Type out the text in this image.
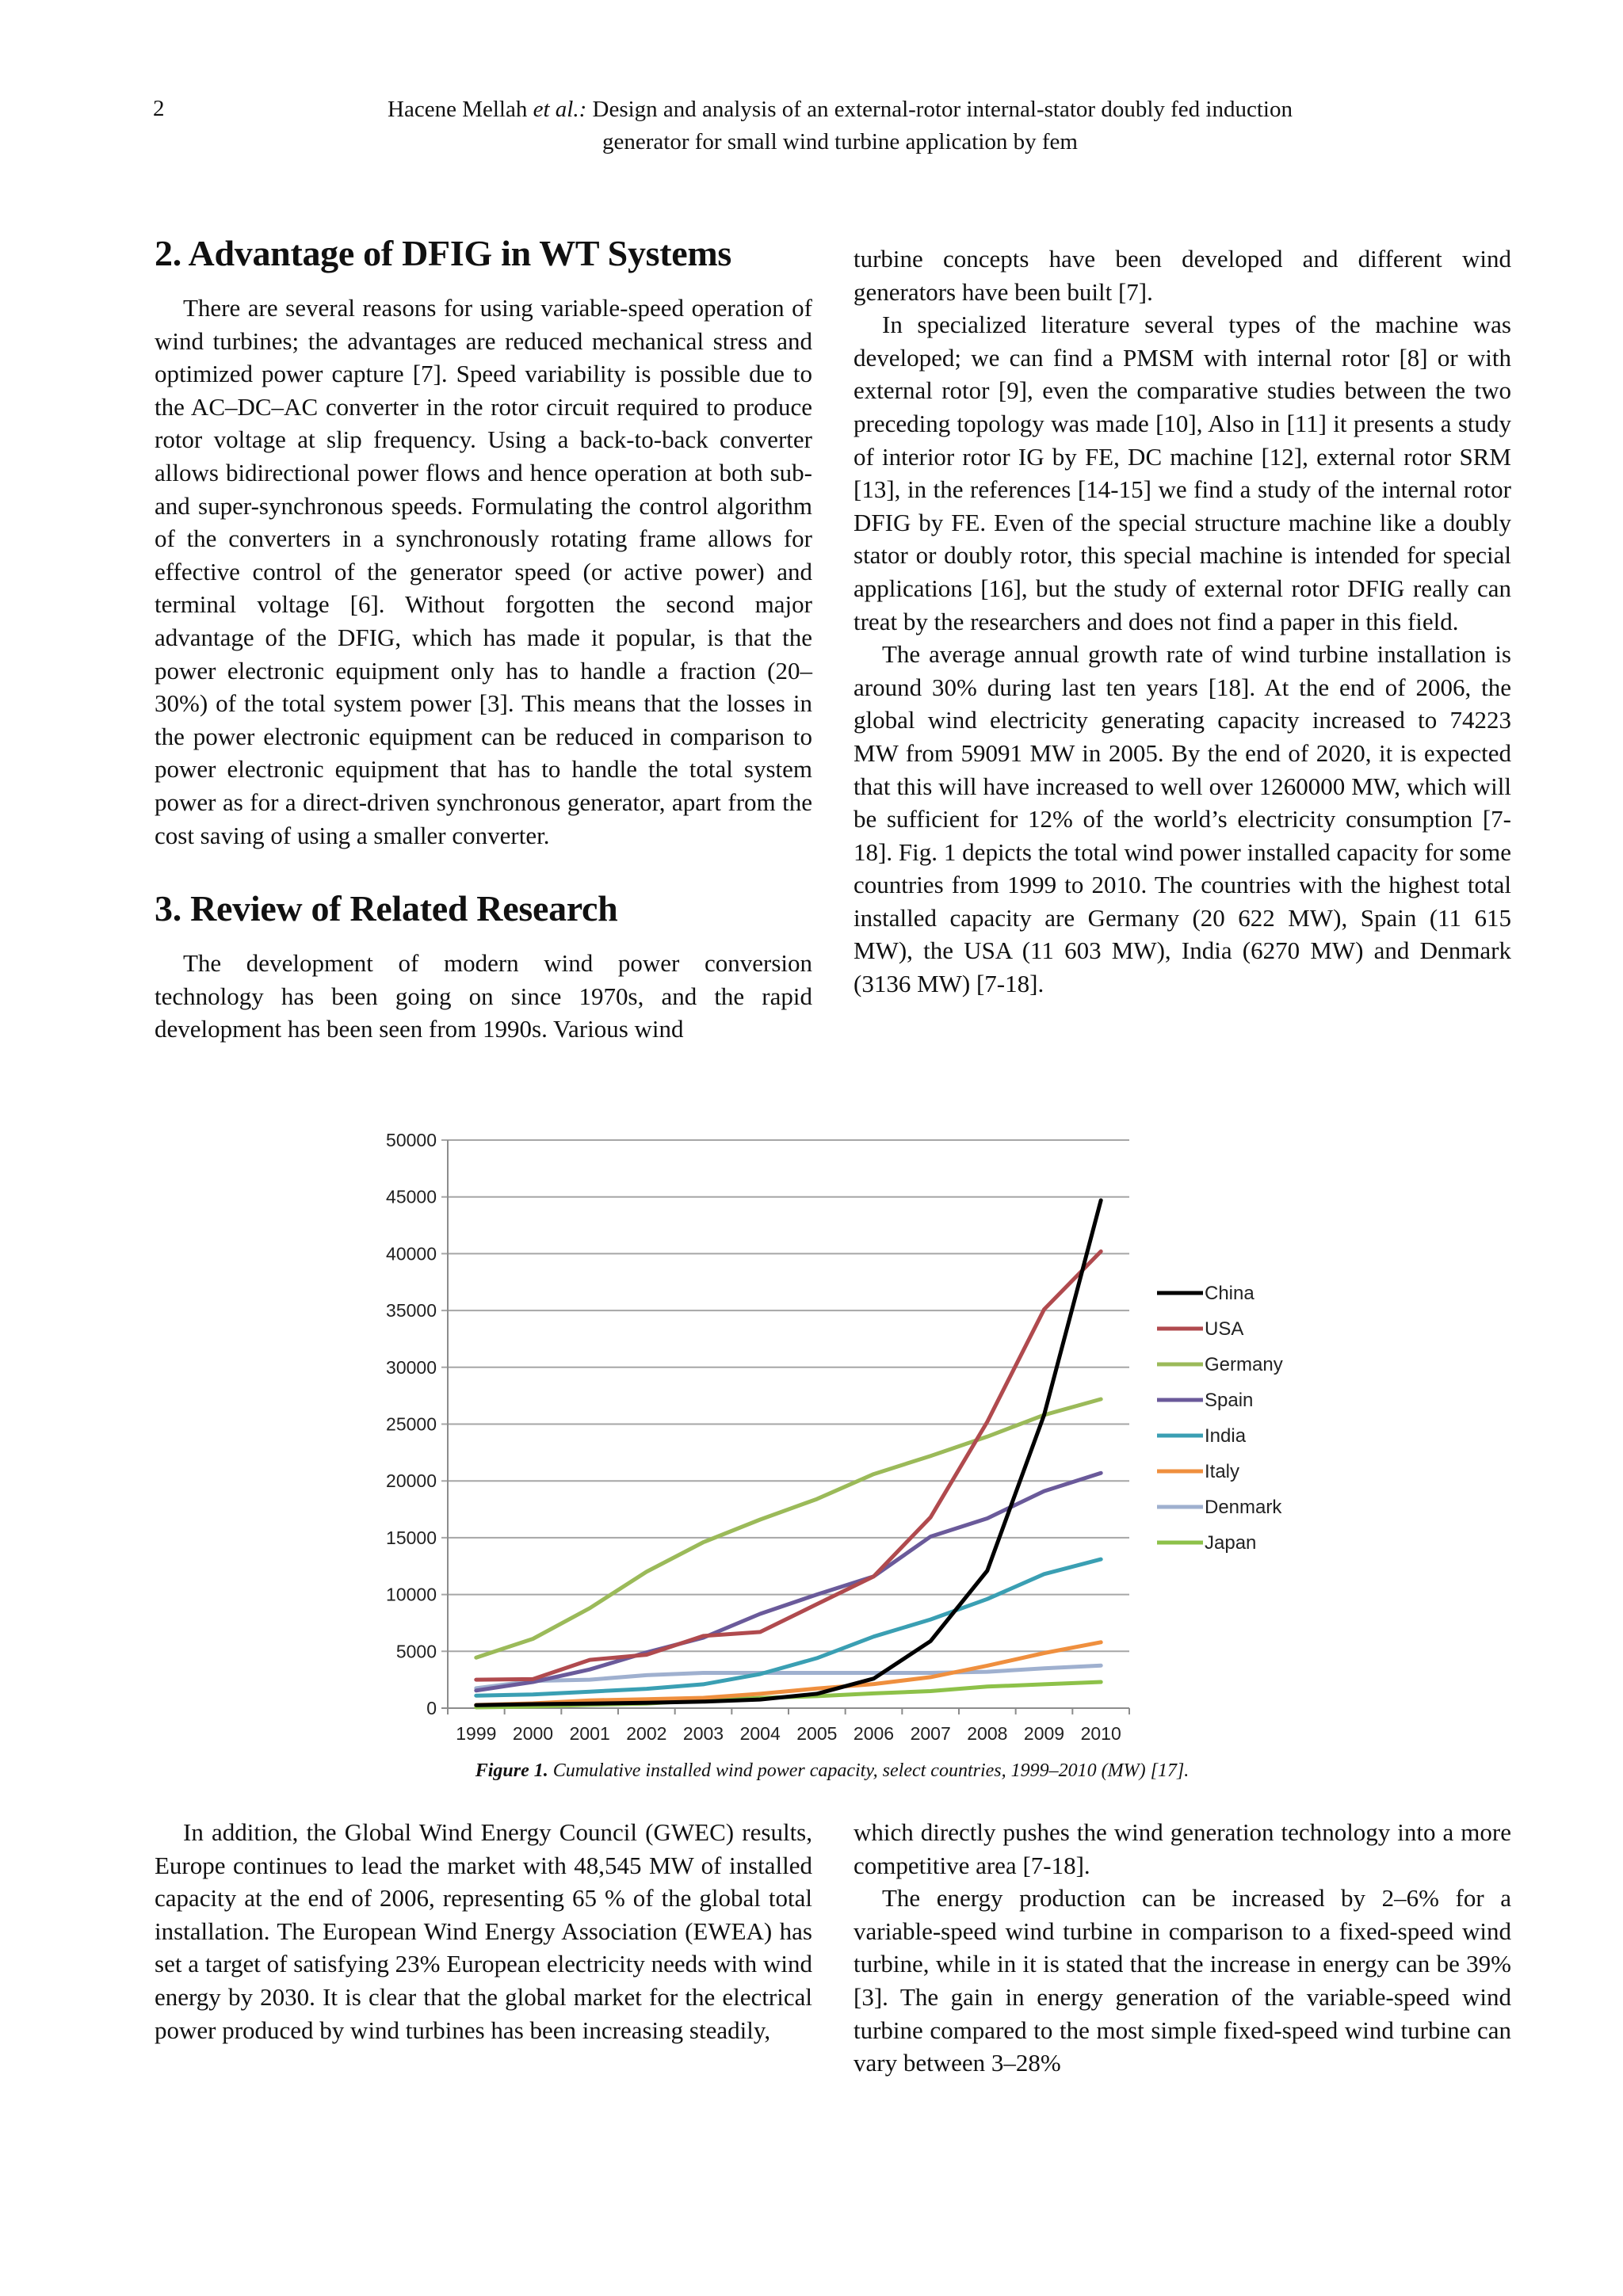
2	Hacene Mellah et al.: Design and analysis of an external-rotor internal-stator doubly fed induction
generator for small wind turbine application by fem
2. Advantage of DFIG in WT Systems

There are several reasons for using variable-speed operation of wind turbines; the advantages are reduced mechanical stress and optimized power capture [7]. Speed variability is possible due to the AC–DC–AC converter in the rotor circuit required to produce rotor voltage at slip frequency. Using a back-to-back converter allows bidirectional power flows and hence operation at both sub- and super-synchronous speeds. Formulating the control algorithm of the converters in a synchronously rotating frame allows for effective control of the generator speed (or active power) and terminal voltage [6]. Without forgotten the second major advantage of the DFIG, which has made it popular, is that the power electronic equipment only has to handle a fraction (20–30%) of the total system power [3]. This means that the losses in the power electronic equipment can be reduced in comparison to power electronic equipment that has to handle the total system power as for a direct-driven synchronous generator, apart from the cost saving of using a smaller converter.

3. Review of Related Research

The development of modern wind power conversion technology has been going on since 1970s, and the rapid development has been seen from 1990s. Various wind

turbine concepts have been developed and different wind generators have been built [7].

In specialized literature several types of the machine was developed; we can find a PMSM with internal rotor [8] or with external rotor [9], even the comparative studies between the two preceding topology was made [10], Also in [11] it presents a study of interior rotor IG by FE, DC machine [12], external rotor SRM [13], in the references [14-15] we find a study of the internal rotor DFIG by FE. Even of the special structure machine like a doubly stator or doubly rotor, this special machine is intended for special applications [16], but the study of external rotor DFIG really can treat by the researchers and does not find a paper in this field.

The average annual growth rate of wind turbine installation is around 30% during last ten years [18]. At the end of 2006, the global wind electricity generating capacity increased to 74223 MW from 59091 MW in 2005. By the end of 2020, it is expected that this will have increased to well over 1260000 MW, which will be sufficient for 12% of the world’s electricity consumption [7-18]. Fig. 1 depicts the total wind power installed capacity for some countries from 1999 to 2010. The countries with the highest total installed capacity are Germany (20 622 MW), Spain (11 615 MW), the USA (11 603 MW), India (6270 MW) and Denmark (3136 MW) [7-18].

0
5000
10000
15000
20000
25000
30000
35000
40000
45000
50000
1999 2000 2001 2002 2003 2004 2005 2006 2007 2008 2009 2010
China
USA
Germany
Spain
India
Italy
Denmark
Japan
Figure 1. Cumulative installed wind power capacity, select countries, 1999–2010 (MW) [17].

In addition, the Global Wind Energy Council (GWEC) results, Europe continues to lead the market with 48,545 MW of installed capacity at the end of 2006, representing 65 % of the global total installation. The European Wind Energy Association (EWEA) has set a target of satisfying 23% European electricity needs with wind energy by 2030. It is clear that the global market for the electrical power produced by wind turbines has been increasing steadily,

which directly pushes the wind generation technology into a more competitive area [7-18].

The energy production can be increased by 2–6% for a variable-speed wind turbine in comparison to a fixed-speed wind turbine, while in it is stated that the increase in energy can be 39% [3]. The gain in energy generation of the variable-speed wind turbine compared to the most simple fixed-speed wind turbine can vary between 3–28%
